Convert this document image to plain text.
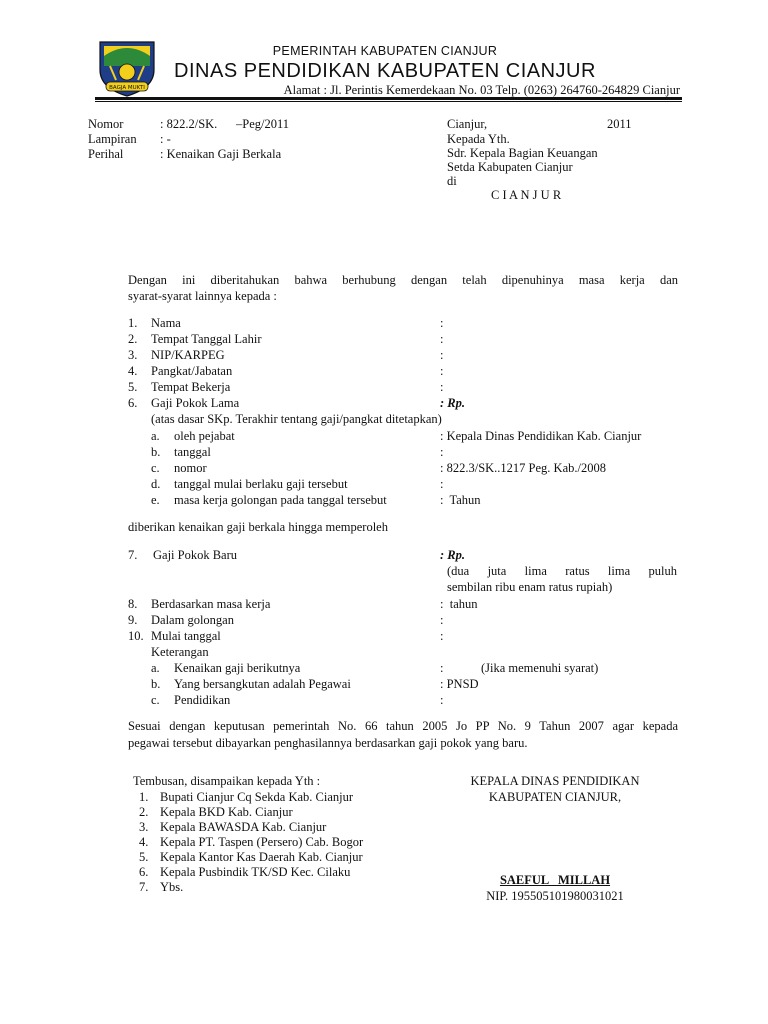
BAGJA MUKTI
PEMERINTAH KABUPATEN CIANJUR
DINAS PENDIDIKAN KABUPATEN CIANJUR
Alamat : Jl. Perintis Kemerdekaan No. 03 Telp. (0263) 264760-264829 Cianjur
Nomor	: 822.2/SK.      –Peg/2011
Lampiran : -
Perihal	: Kenaikan Gaji Berkala
Cianjur,	2011
Kepada Yth.
Sdr. Kepala Bagian Keuangan
Setda Kabupaten Cianjur
di
C I A N J U R
Dengan ini diberitahukan bahwa berhubung dengan telah dipenuhinya masa kerja dan
syarat-syarat lainnya kepada :
1. Nama	:
2. Tempat Tanggal Lahir	:
3. NIP/KARPEG	:
4. Pangkat/Jabatan	:
5. Tempat Bekerja	:
6. Gaji Pokok Lama	: Rp.
(atas dasar SKp. Terakhir tentang gaji/pangkat ditetapkan)
a. oleh pejabat	: Kepala Dinas Pendidikan Kab. Cianjur
b. tanggal	:
c. nomor	: 822.3/SK..1217 Peg. Kab./2008
d. tanggal mulai berlaku gaji tersebut	:
e. masa kerja golongan pada tanggal tersebut	:  Tahun
diberikan kenaikan gaji berkala hingga memperoleh
7. Gaji Pokok Baru	: Rp.
(dua juta lima ratus lima puluh
sembilan ribu enam ratus rupiah)
8. Berdasarkan masa kerja	:  tahun
9. Dalam golongan	:
10. Mulai tanggal	:
Keterangan
a. Kenaikan gaji berikutnya	:            (Jika memenuhi syarat)
b. Yang bersangkutan adalah Pegawai	: PNSD
c. Pendidikan	:
Sesuai dengan keputusan pemerintah No. 66 tahun 2005 Jo PP No. 9 Tahun 2007 agar kepada
pegawai tersebut dibayarkan penghasilannya berdasarkan gaji pokok yang baru.
Tembusan, disampaikan kepada Yth :
1. Bupati Cianjur Cq Sekda Kab. Cianjur
2. Kepala BKD Kab. Cianjur
3. Kepala BAWASDA Kab. Cianjur
4. Kepala PT. Taspen (Persero) Cab. Bogor
5. Kepala Kantor Kas Daerah Kab. Cianjur
6. Kepala Pusbindik TK/SD Kec. Cilaku
7. Ybs.
KEPALA DINAS PENDIDIKAN
KABUPATEN CIANJUR,
SAEFUL   MILLAH
NIP. 195505101980031021
